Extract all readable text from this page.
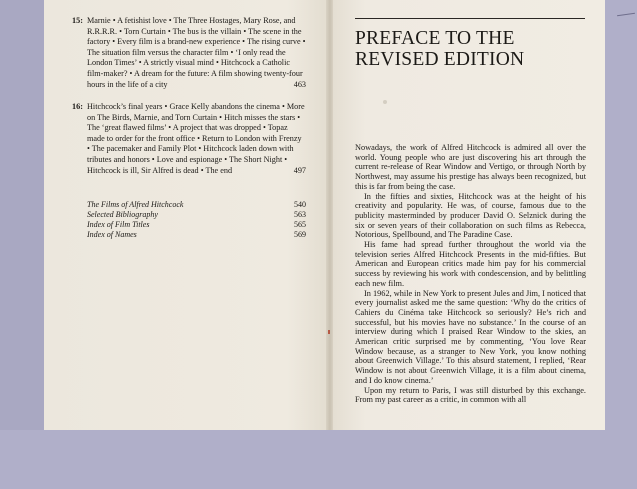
15: Marnie • A fetishist love • The Three Hostages, Mary Rose, and R.R.R.R. • Torn Curtain • The bus is the villain • The scene in the factory • Every film is a brand-new experience • The rising curve • The situation film versus the character film • ‘I only read the London Times’ • A strictly visual mind • Hitchcock a Catholic film-maker? • A dream for the future: A film showing twenty-four hours in the life of a city	463
16: Hitchcock’s final years • Grace Kelly abandons the cinema • More on The Birds, Marnie, and Torn Curtain • Hitch misses the stars • The ‘great flawed films’ • A project that was dropped • Topaz made to order for the front office • Return to London with Frenzy • The pacemaker and Family Plot • Hitchcock laden down with tributes and honors • Love and espionage • The Short Night • Hitchcock is ill, Sir Alfred is dead • The end	497
The Films of Alfred Hitchcock	540
Selected Bibliography	563
Index of Film Titles	565
Index of Names	569
PREFACE TO THE
REVISED EDITION

Nowadays, the work of Alfred Hitchcock is admired all over the world. Young people who are just discovering his art through the current re-release of Rear Window and Vertigo, or through North by Northwest, may assume his prestige has always been recognized, but this is far from being the case.

In the fifties and sixties, Hitchcock was at the height of his creativity and popularity. He was, of course, famous due to the publicity masterminded by producer David O. Selznick during the six or seven years of their collaboration on such films as Rebecca, Notorious, Spellbound, and The Paradine Case.

His fame had spread further throughout the world via the television series Alfred Hitchcock Presents in the mid-fifties. But American and European critics made him pay for his commercial success by reviewing his work with condescension, and by belittling each new film.

In 1962, while in New York to present Jules and Jim, I noticed that every journalist asked me the same question: ‘Why do the critics of Cahiers du Cinéma take Hitchcock so seriously? He’s rich and successful, but his movies have no substance.’ In the course of an interview during which I praised Rear Window to the skies, an American critic surprised me by commenting, ‘You love Rear Window because, as a stranger to New York, you know nothing about Greenwich Village.’ To this absurd statement, I replied, ‘Rear Window is not about Greenwich Village, it is a film about cinema, and I do know cinema.’

Upon my return to Paris, I was still disturbed by this exchange. From my past career as a critic, in common with all
